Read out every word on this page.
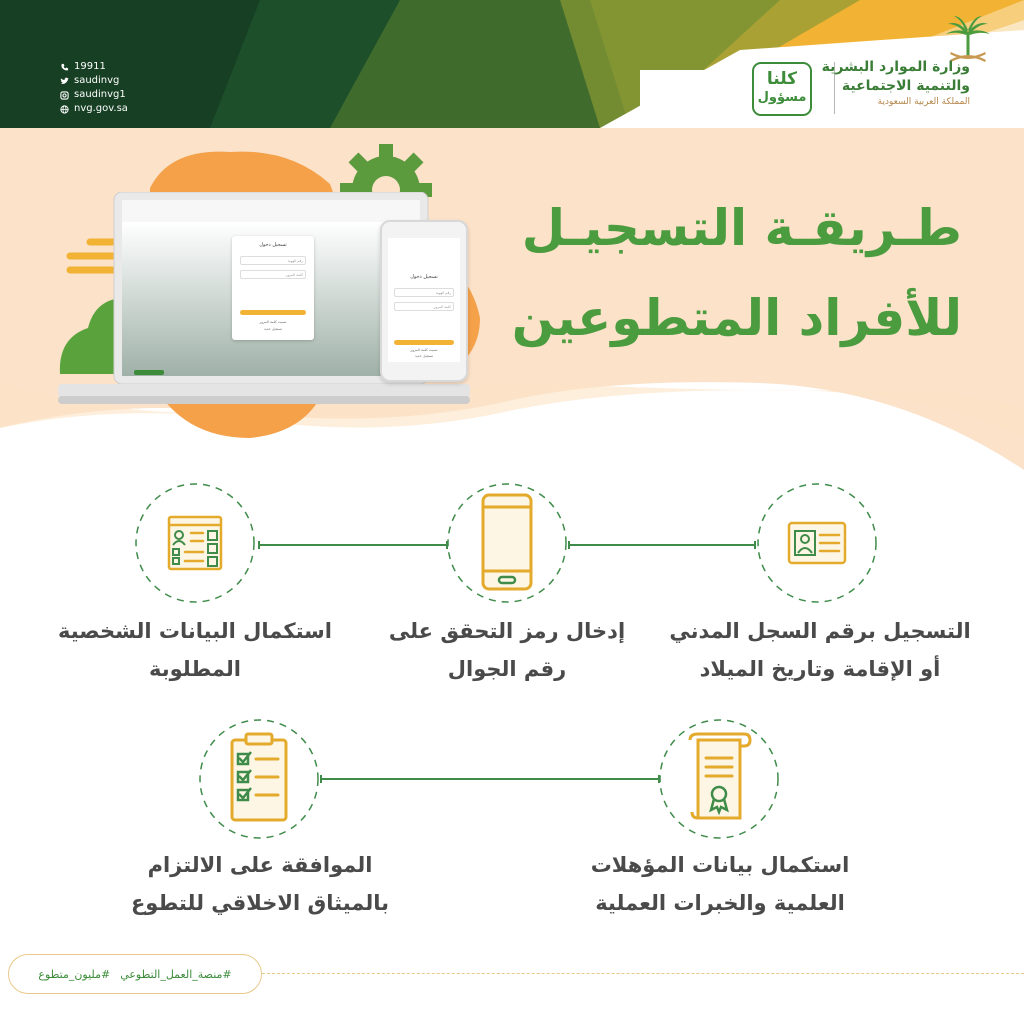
19911
saudinvg
saudinvg1
nvg.gov.sa
كلنا
مسؤول
وزارة الموارد البشرية
والتنمية الاجتماعية
المملكة العربية السعودية
تسجيل دخول
رقم الهوية
كلمة المرور
نسيت كلمة المرور
تسجيل جديد
تسجيل دخول
رقم الهوية
كلمة المرور
نسيت كلمة المرور
تسجيل جديد
طـريقـة التسجيـل
للأفراد المتطوعين
التسجيل برقم السجل المدني
أو الإقامة وتاريخ الميلاد
إدخال رمز التحقق على
رقم الجوال
استكمال البيانات الشخصية
المطلوبة
استكمال بيانات المؤهلات
العلمية والخبرات العملية
الموافقة على الالتزام
بالميثاق الاخلاقي للتطوع
#منصة_العمل_التطوعي
#مليون_متطوع
